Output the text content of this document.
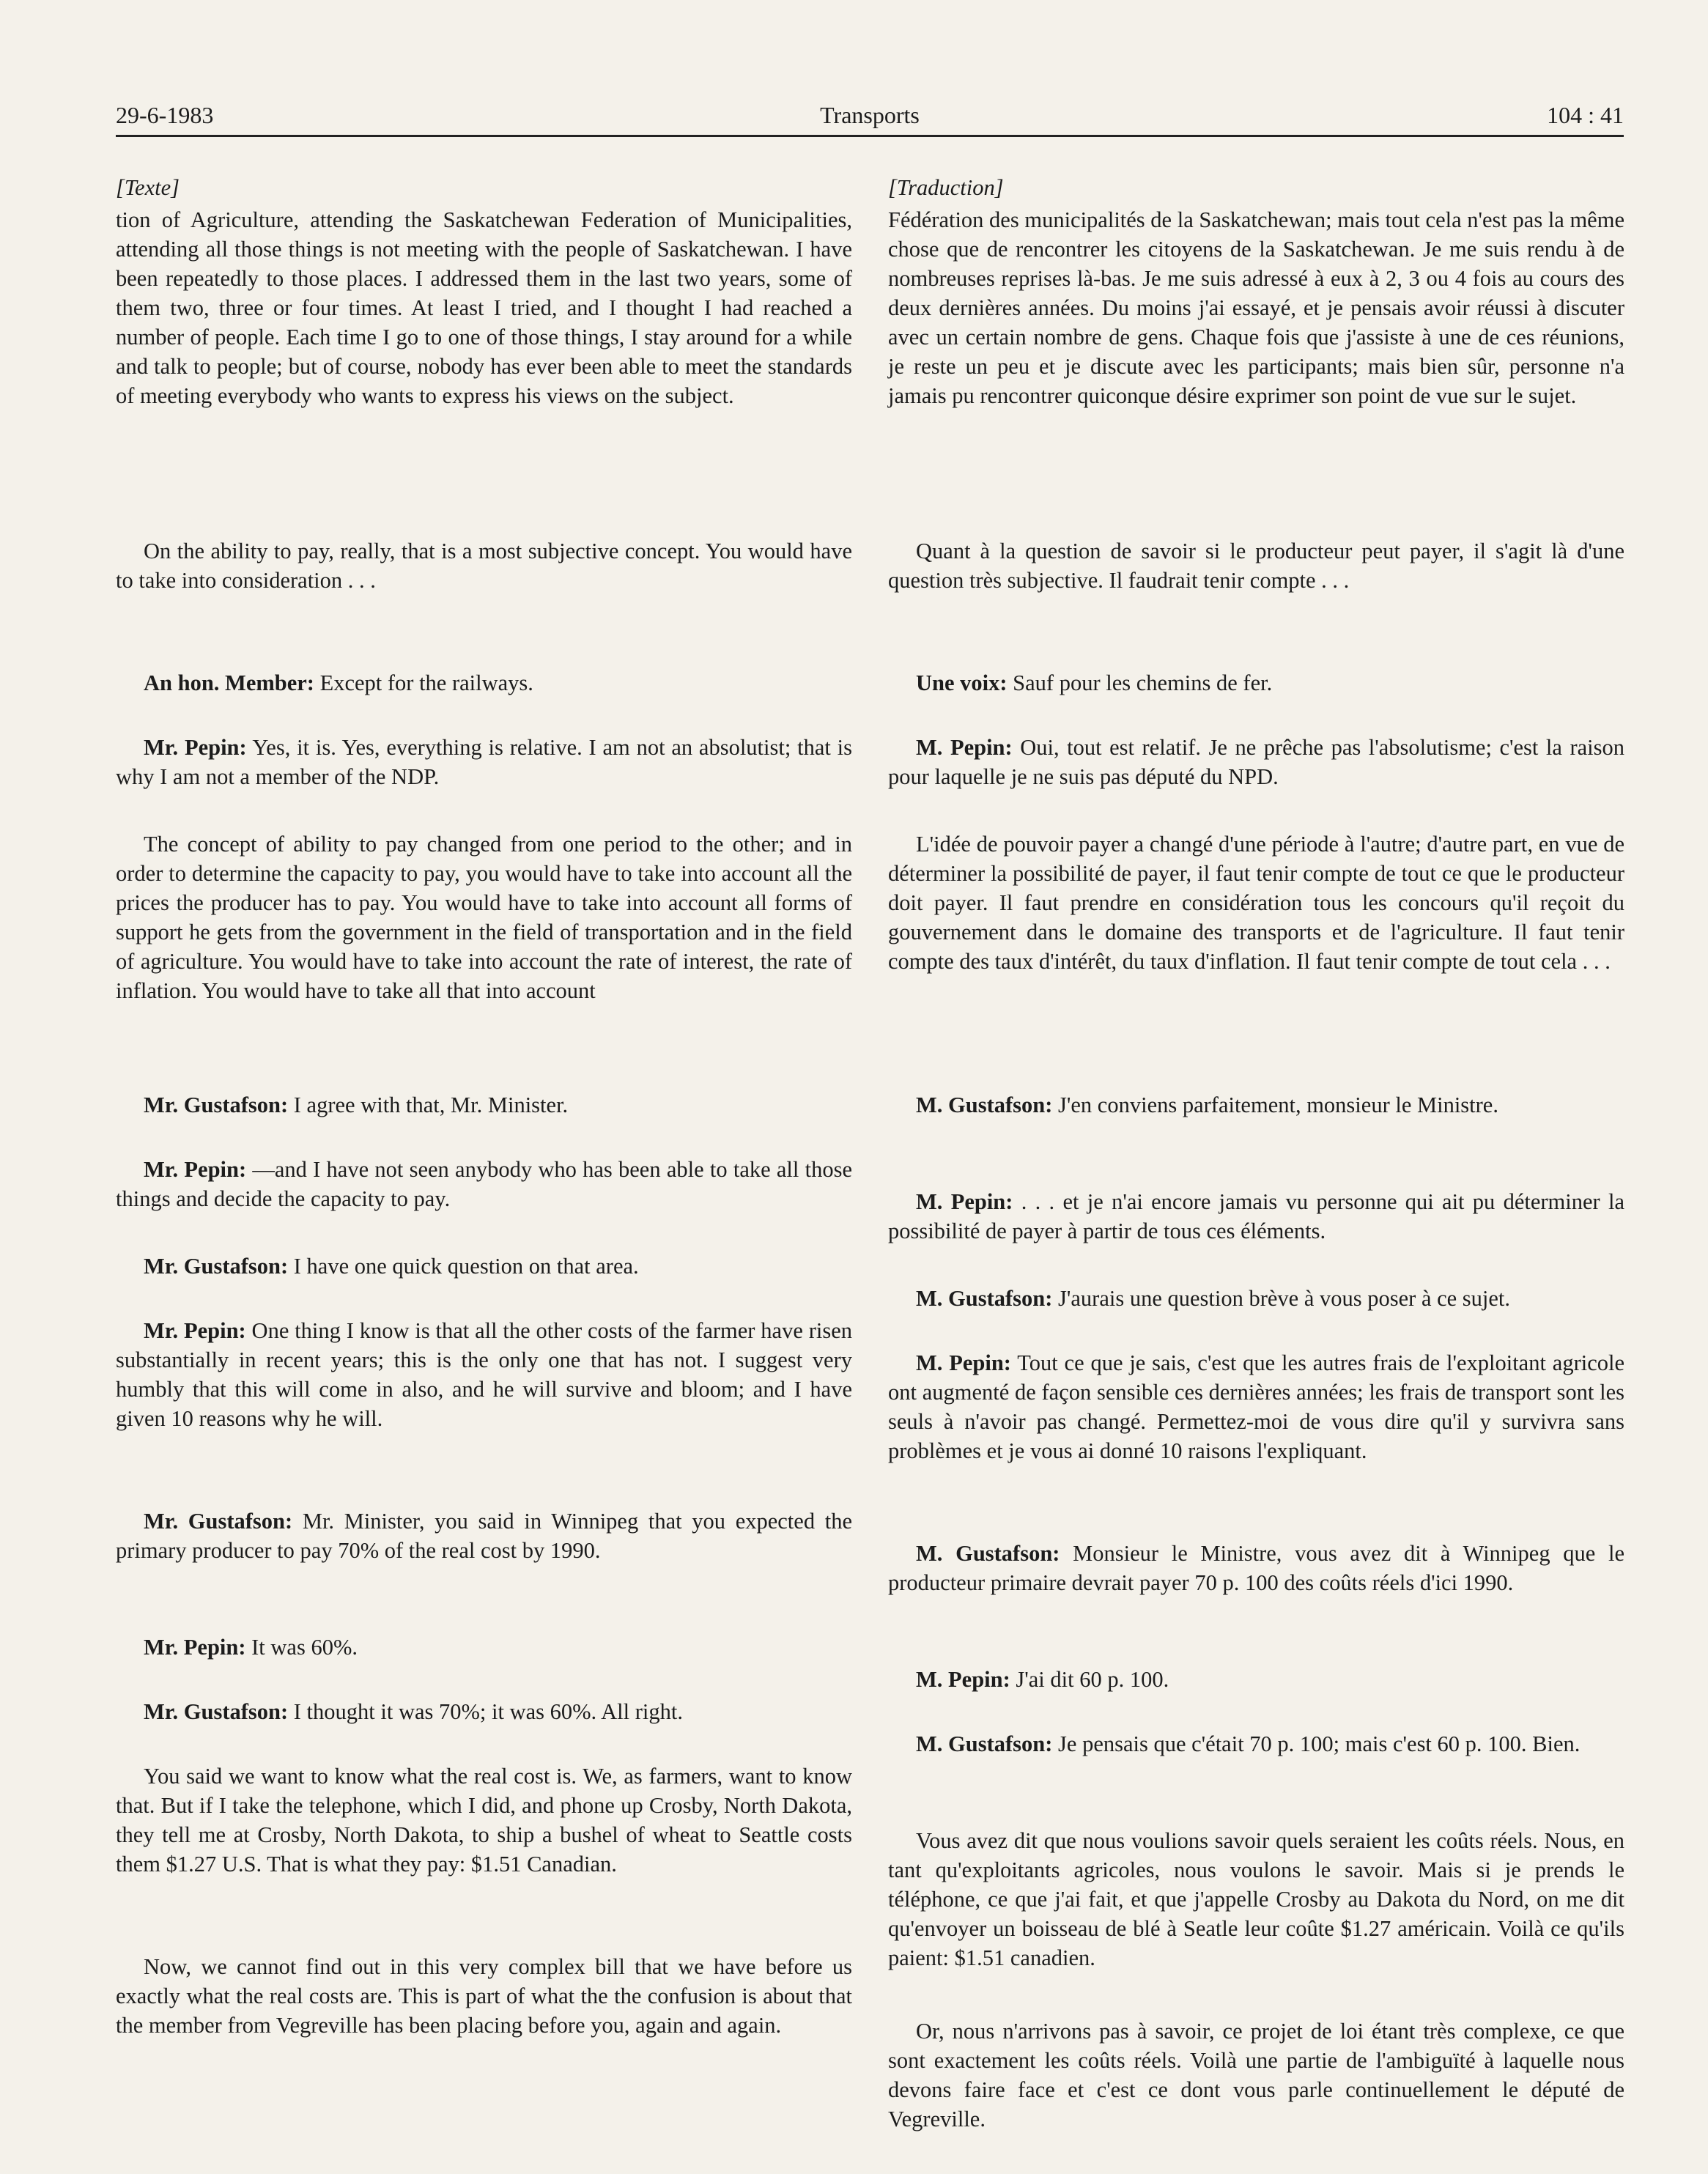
29-6-1983	Transports	104 : 41
[Texte]

tion of Agriculture, attending the Saskatchewan Federation of Municipalities, attending all those things is not meeting with the people of Saskatchewan. I have been repeatedly to those places. I addressed them in the last two years, some of them two, three or four times. At least I tried, and I thought I had reached a number of people. Each time I go to one of those things, I stay around for a while and talk to people; but of course, nobody has ever been able to meet the standards of meeting everybody who wants to express his views on the subject.

On the ability to pay, really, that is a most subjective concept. You would have to take into consideration . . .

An hon. Member: Except for the railways.

Mr. Pepin: Yes, it is. Yes, everything is relative. I am not an absolutist; that is why I am not a member of the NDP.

The concept of ability to pay changed from one period to the other; and in order to determine the capacity to pay, you would have to take into account all the prices the producer has to pay. You would have to take into account all forms of support he gets from the government in the field of transportation and in the field of agriculture. You would have to take into account the rate of interest, the rate of inflation. You would have to take all that into account

Mr. Gustafson: I agree with that, Mr. Minister.

Mr. Pepin: —and I have not seen anybody who has been able to take all those things and decide the capacity to pay.

Mr. Gustafson: I have one quick question on that area.

Mr. Pepin: One thing I know is that all the other costs of the farmer have risen substantially in recent years; this is the only one that has not. I suggest very humbly that this will come in also, and he will survive and bloom; and I have given 10 reasons why he will.

Mr. Gustafson: Mr. Minister, you said in Winnipeg that you expected the primary producer to pay 70% of the real cost by 1990.

Mr. Pepin: It was 60%.

Mr. Gustafson: I thought it was 70%; it was 60%. All right.

You said we want to know what the real cost is. We, as farmers, want to know that. But if I take the telephone, which I did, and phone up Crosby, North Dakota, they tell me at Crosby, North Dakota, to ship a bushel of wheat to Seattle costs them $1.27 U.S. That is what they pay: $1.51 Canadian.

Now, we cannot find out in this very complex bill that we have before us exactly what the real costs are. This is part of what the the confusion is about that the member from Vegreville has been placing before you, again and again.

[Traduction]

Fédération des municipalités de la Saskatchewan; mais tout cela n'est pas la même chose que de rencontrer les citoyens de la Saskatchewan. Je me suis rendu à de nombreuses reprises là-bas. Je me suis adressé à eux à 2, 3 ou 4 fois au cours des deux dernières années. Du moins j'ai essayé, et je pensais avoir réussi à discuter avec un certain nombre de gens. Chaque fois que j'assiste à une de ces réunions, je reste un peu et je discute avec les participants; mais bien sûr, personne n'a jamais pu rencontrer quiconque désire exprimer son point de vue sur le sujet.

Quant à la question de savoir si le producteur peut payer, il s'agit là d'une question très subjective. Il faudrait tenir compte . . .

Une voix: Sauf pour les chemins de fer.

M. Pepin: Oui, tout est relatif. Je ne prêche pas l'absolutisme; c'est la raison pour laquelle je ne suis pas député du NPD.

L'idée de pouvoir payer a changé d'une période à l'autre; d'autre part, en vue de déterminer la possibilité de payer, il faut tenir compte de tout ce que le producteur doit payer. Il faut prendre en considération tous les concours qu'il reçoit du gouvernement dans le domaine des transports et de l'agriculture. Il faut tenir compte des taux d'intérêt, du taux d'inflation. Il faut tenir compte de tout cela . . .

M. Gustafson: J'en conviens parfaitement, monsieur le Ministre.

M. Pepin: . . . et je n'ai encore jamais vu personne qui ait pu déterminer la possibilité de payer à partir de tous ces éléments.

M. Gustafson: J'aurais une question brève à vous poser à ce sujet.

M. Pepin: Tout ce que je sais, c'est que les autres frais de l'exploitant agricole ont augmenté de façon sensible ces dernières années; les frais de transport sont les seuls à n'avoir pas changé. Permettez-moi de vous dire qu'il y survivra sans problèmes et je vous ai donné 10 raisons l'expliquant.

M. Gustafson: Monsieur le Ministre, vous avez dit à Winnipeg que le producteur primaire devrait payer 70 p. 100 des coûts réels d'ici 1990.

M. Pepin: J'ai dit 60 p. 100.

M. Gustafson: Je pensais que c'était 70 p. 100; mais c'est 60 p. 100. Bien.

Vous avez dit que nous voulions savoir quels seraient les coûts réels. Nous, en tant qu'exploitants agricoles, nous voulons le savoir. Mais si je prends le téléphone, ce que j'ai fait, et que j'appelle Crosby au Dakota du Nord, on me dit qu'envoyer un boisseau de blé à Seatle leur coûte $1.27 américain. Voilà ce qu'ils paient: $1.51 canadien.

Or, nous n'arrivons pas à savoir, ce projet de loi étant très complexe, ce que sont exactement les coûts réels. Voilà une partie de l'ambiguïté à laquelle nous devons faire face et c'est ce dont vous parle continuellement le député de Vegreville.
